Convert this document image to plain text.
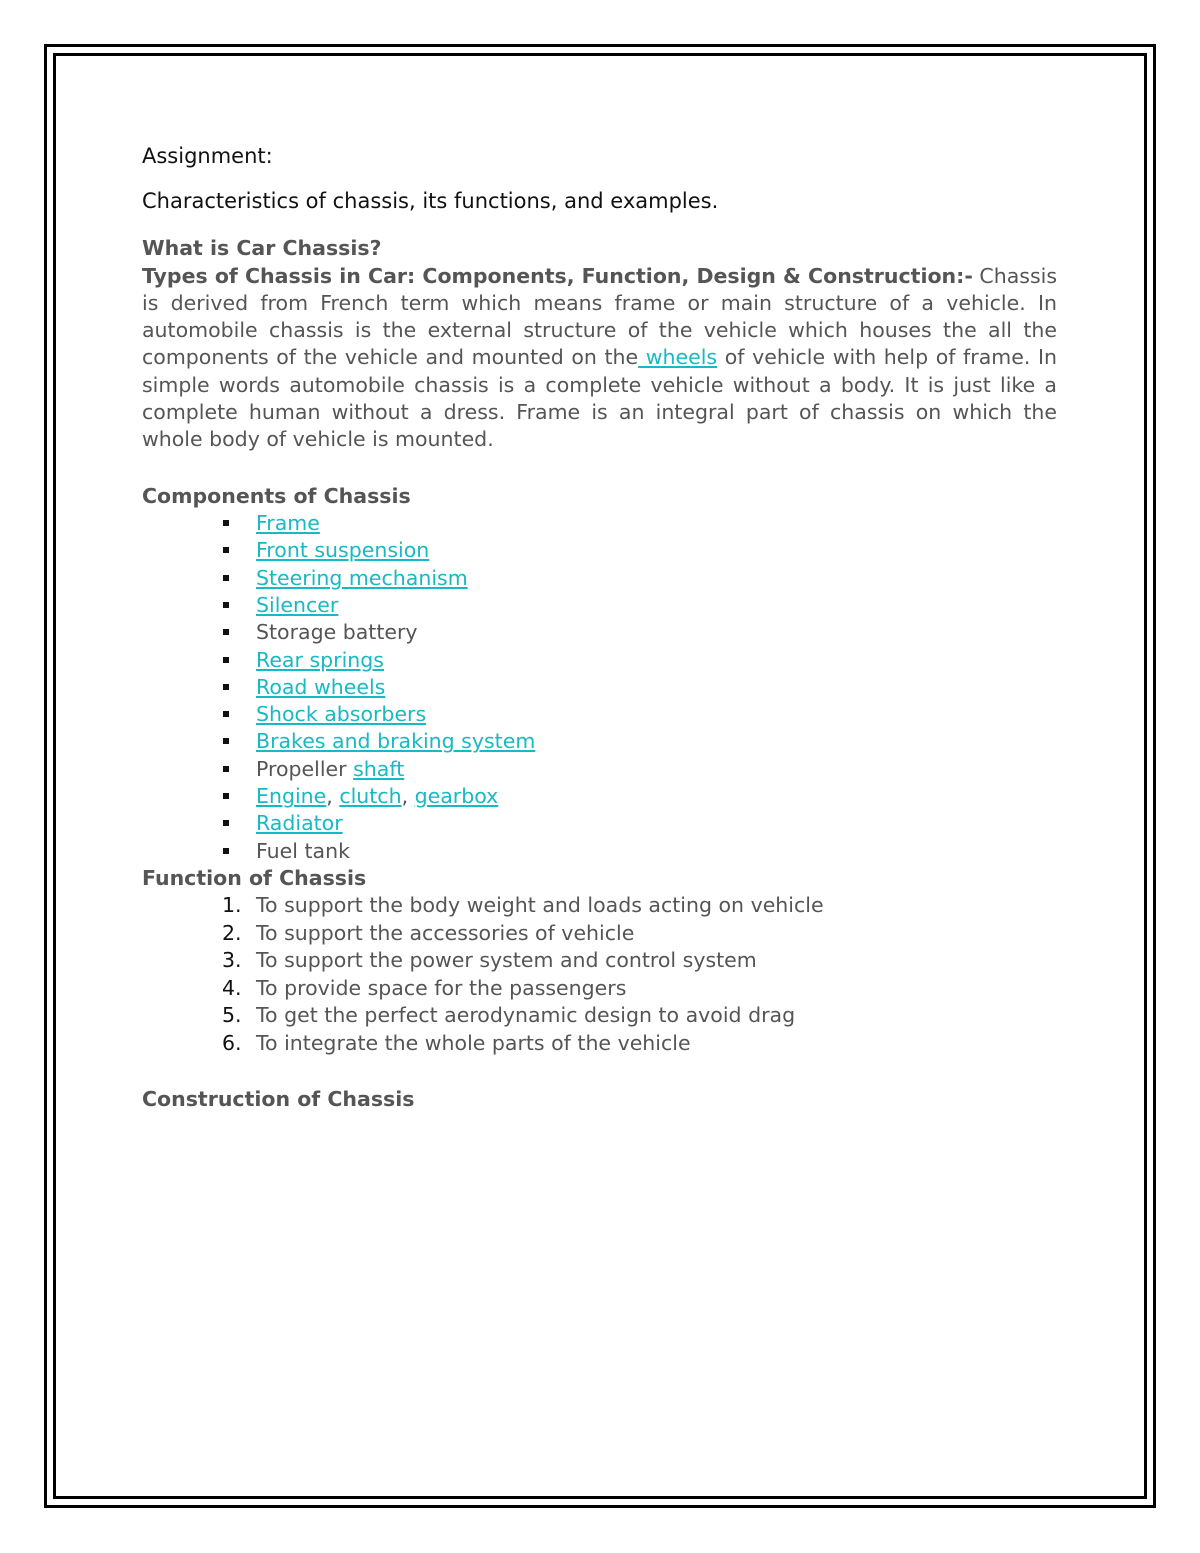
Assignment:

Characteristics of chassis, its functions, and examples.

What is Car Chassis?

Types of Chassis in Car: Components, Function, Design & Construction:- Chassis is derived from French term which means frame or main structure of a vehicle. In automobile chassis is the external structure of the vehicle which houses the all the components of the vehicle and mounted on the wheels of vehicle with help of frame. In simple words automobile chassis is a complete vehicle without a body. It is just like a complete human without a dress. Frame is an integral part of chassis on which the whole body of vehicle is mounted.

Components of Chassis

Frame
Front suspension
Steering mechanism
Silencer
Storage battery
Rear springs
Road wheels
Shock absorbers
Brakes and braking system
Propeller shaft
Engine, clutch, gearbox
Radiator
Fuel tank

Function of Chassis

1. To support the body weight and loads acting on vehicle
2. To support the accessories of vehicle
3. To support the power system and control system
4. To provide space for the passengers
5. To get the perfect aerodynamic design to avoid drag
6. To integrate the whole parts of the vehicle

Construction of Chassis
